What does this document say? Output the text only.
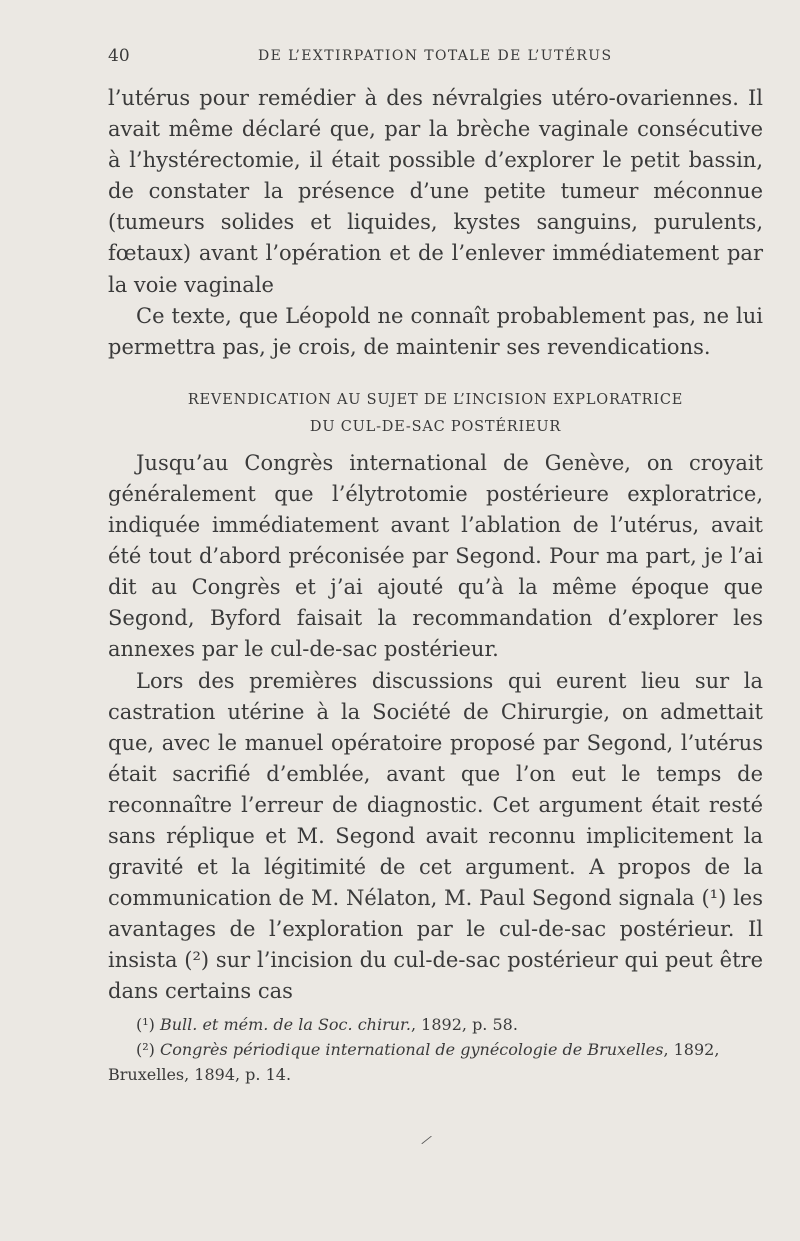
40	DE L’EXTIRPATION TOTALE DE L’UTÉRUS

l’utérus pour remédier à des névralgies utéro-ovariennes. Il avait même déclaré que, par la brèche vaginale consécutive à l’hystérectomie, il était possible d’explorer le petit bassin, de constater la présence d’une petite tumeur méconnue (tumeurs solides et liquides, kystes sanguins, purulents, fœtaux) avant l’opération et de l’enlever immédiatement par la voie vaginale

Ce texte, que Léopold ne connaît probablement pas, ne lui permettra pas, je crois, de maintenir ses revendications.

REVENDICATION AU SUJET DE L’INCISION EXPLORATRICE
DU CUL-DE-SAC POSTÉRIEUR

Jusqu’au Congrès international de Genève, on croyait généralement que l’élytrotomie postérieure exploratrice, indiquée immédiatement avant l’ablation de l’utérus, avait été tout d’abord préconisée par Segond. Pour ma part, je l’ai dit au Congrès et j’ai ajouté qu’à la même époque que Segond, Byford faisait la recommandation d’explorer les annexes par le cul-de-sac postérieur.

Lors des premières discussions qui eurent lieu sur la castration utérine à la Société de Chirurgie, on admettait que, avec le manuel opératoire proposé par Segond, l’utérus était sacrifié d’emblée, avant que l’on eut le temps de reconnaître l’erreur de diagnostic. Cet argument était resté sans réplique et M. Segond avait reconnu implicitement la gravité et la légitimité de cet argument. A propos de la communication de M. Nélaton, M. Paul Segond signala (¹) les avantages de l’exploration par le cul-de-sac postérieur. Il insista (²) sur l’incision du cul-de-sac postérieur qui peut être dans certains cas

(¹) Bull. et mém. de la Soc. chirur., 1892, p. 58.

(²) Congrès périodique international de gynécologie de Bruxelles, 1892, Bruxelles, 1894, p. 14.

⁄
